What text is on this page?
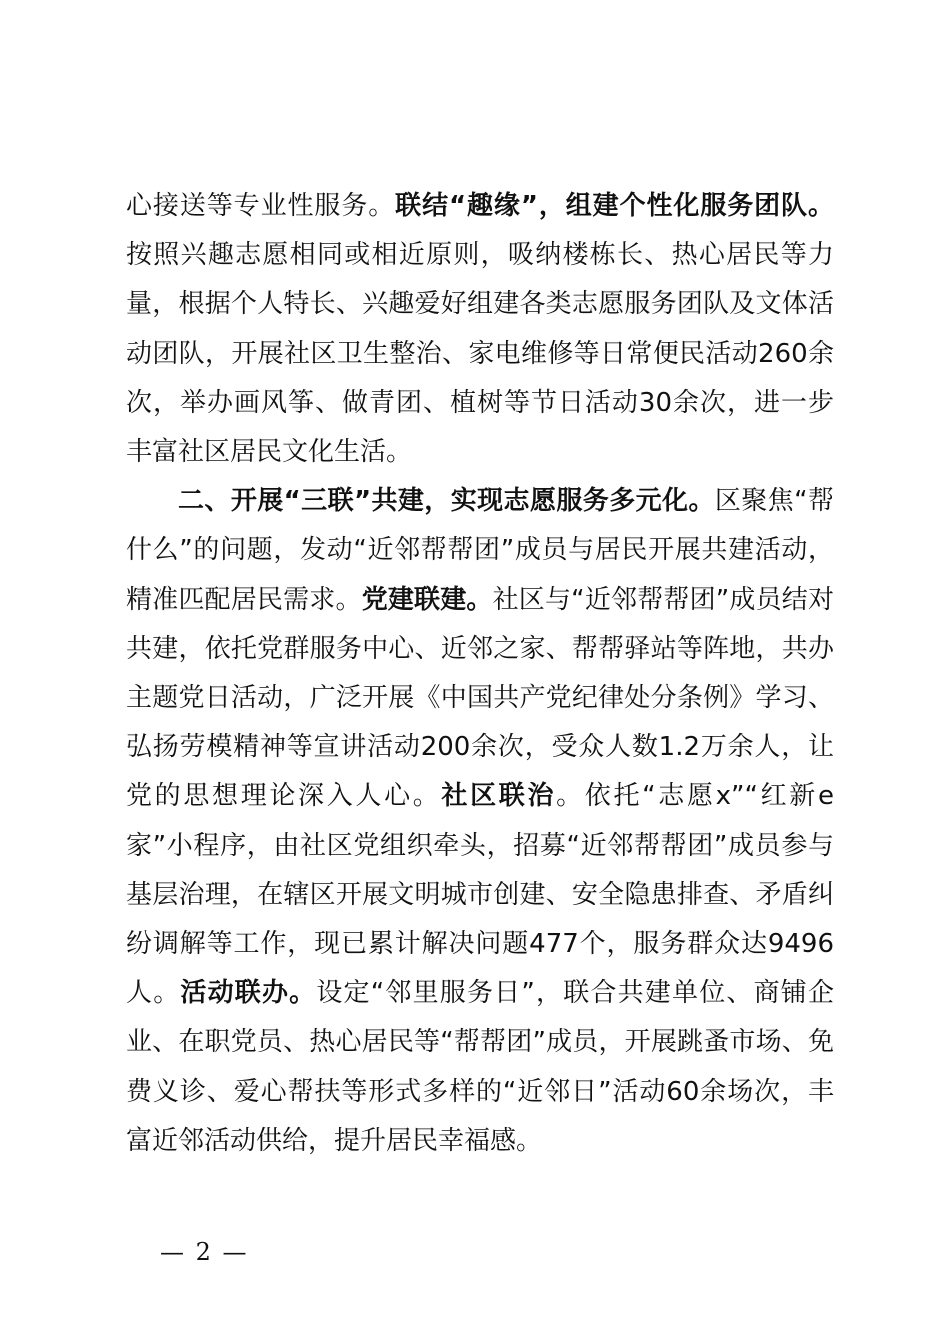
心接送等专业性服务。联结“趣缘”，组建个性化服务团队。按照兴趣志愿相同或相近原则，吸纳楼栋长、热心居民等力量，根据个人特长、兴趣爱好组建各类志愿服务团队及文体活动团队，开展社区卫生整治、家电维修等日常便民活动260余次，举办画风筝、做青团、植树等节日活动30余次，进一步丰富社区居民文化生活。

二、开展“三联”共建，实现志愿服务多元化。区聚焦“帮什么”的问题，发动“近邻帮帮团”成员与居民开展共建活动，精准匹配居民需求。党建联建。社区与“近邻帮帮团”成员结对共建，依托党群服务中心、近邻之家、帮帮驿站等阵地，共办主题党日活动，广泛开展《中国共产党纪律处分条例》学习、弘扬劳模精神等宣讲活动200余次，受众人数1.2万余人，让党的思想理论深入人心。社区联治。依托“志愿x”“红新e家”小程序，由社区党组织牵头，招募“近邻帮帮团”成员参与基层治理，在辖区开展文明城市创建、安全隐患排查、矛盾纠纷调解等工作，现已累计解决问题477个，服务群众达9496人。活动联办。设定“邻里服务日”，联合共建单位、商铺企业、在职党员、热心居民等“帮帮团”成员，开展跳蚤市场、免费义诊、爱心帮扶等形式多样的“近邻日”活动60余场次，丰富近邻活动供给，提升居民幸福感。

— 2 —
